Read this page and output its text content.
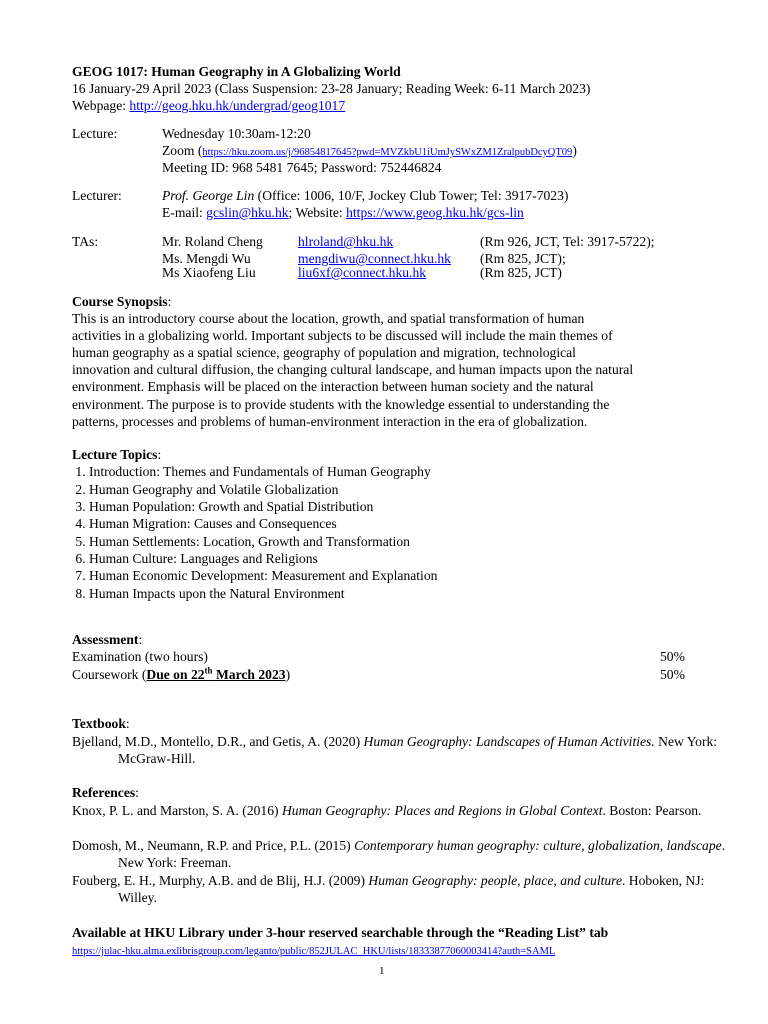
GEOG 1017: Human Geography in A Globalizing World
16 January-29 April 2023 (Class Suspension: 23-28 January; Reading Week: 6-11 March 2023)
Webpage: http://geog.hku.hk/undergrad/geog1017
Lecture:	Wednesday 10:30am-12:20
Zoom (https://hku.zoom.us/j/96854817645?pwd=MVZkbU1iUmJySWxZM1ZralpubDcyQT09)
Meeting ID: 968 5481 7645; Password: 752446824
Lecturer:	Prof. George Lin (Office: 1006, 10/F, Jockey Club Tower; Tel: 3917-7023)
E-mail: gcslin@hku.hk; Website: https://www.geog.hku.hk/gcs-lin
TAs:	Mr. Roland Cheng	hlroland@hku.hk	(Rm 926, JCT, Tel: 3917-5722);
Ms. Mengdi Wu	mengdiwu@connect.hku.hk (Rm 825, JCT);
Ms Xiaofeng Liu	liu6xf@connect.hku.hk	(Rm 825, JCT)
Course Synopsis:
This is an introductory course about the location, growth, and spatial transformation of human
activities in a globalizing world. Important subjects to be discussed will include the main themes of
human geography as a spatial science, geography of population and migration, technological
innovation and cultural diffusion, the changing cultural landscape, and human impacts upon the natural
environment. Emphasis will be placed on the interaction between human society and the natural
environment. The purpose is to provide students with the knowledge essential to understanding the
patterns, processes and problems of human-environment interaction in the era of globalization.
Lecture Topics:
1. Introduction: Themes and Fundamentals of Human Geography
2. Human Geography and Volatile Globalization
3. Human Population: Growth and Spatial Distribution
4. Human Migration: Causes and Consequences
5. Human Settlements: Location, Growth and Transformation
6. Human Culture: Languages and Religions
7. Human Economic Development: Measurement and Explanation
8. Human Impacts upon the Natural Environment
Assessment:
Examination (two hours)	50%
Coursework (Due on 22th March 2023)	50%
Textbook:
Bjelland, M.D., Montello, D.R., and Getis, A. (2020) Human Geography: Landscapes of Human Activities. New York: McGraw-Hill.
References:
Knox, P. L. and Marston, S. A. (2016) Human Geography: Places and Regions in Global Context. Boston: Pearson.
Domosh, M., Neumann, R.P. and Price, P.L. (2015) Contemporary human geography: culture, globalization, landscape. New York: Freeman.
Fouberg, E. H., Murphy, A.B. and de Blij, H.J. (2009) Human Geography: people, place, and culture. Hoboken, NJ: Willey.
Available at HKU Library under 3-hour reserved searchable through the “Reading List” tab
https://julac-hku.alma.exlibrisgroup.com/leganto/public/852JULAC_HKU/lists/18333877060003414?auth=SAML
1
